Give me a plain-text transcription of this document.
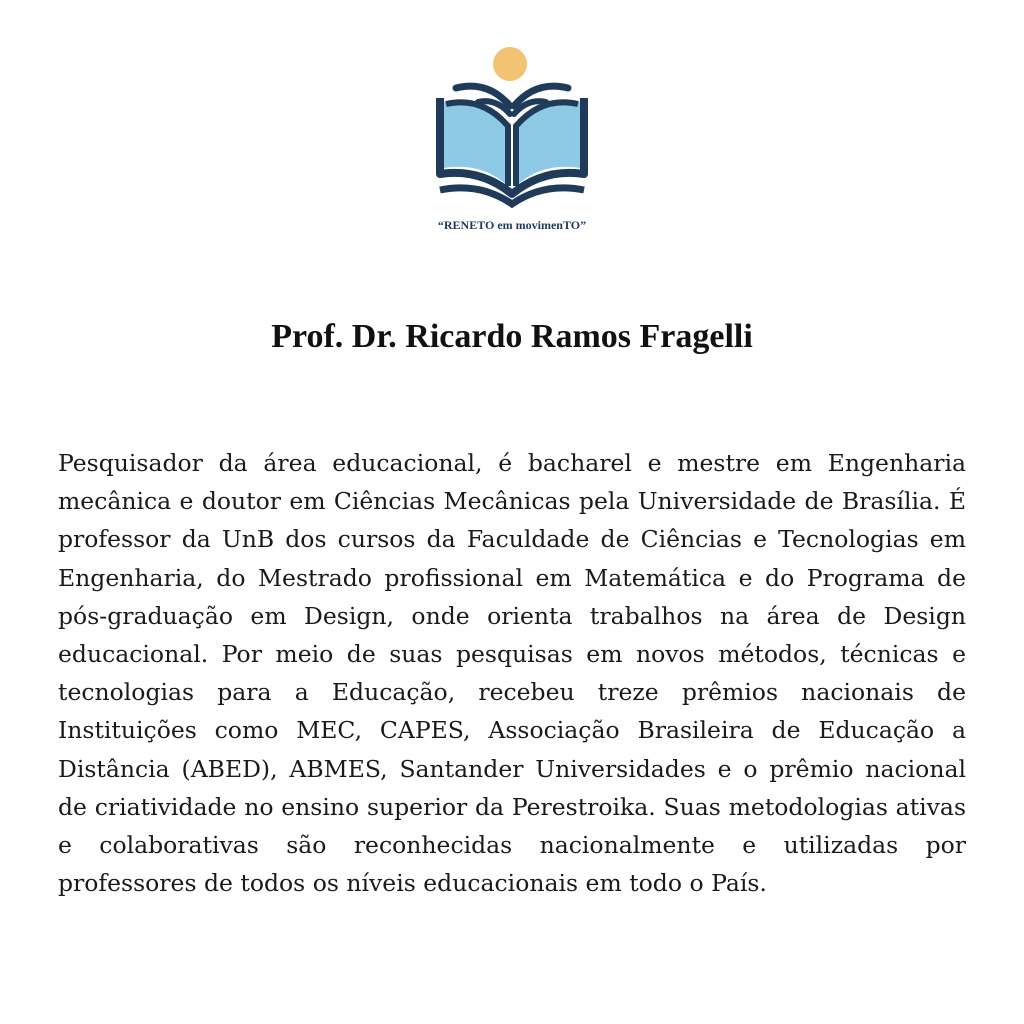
“RENETO em movimenTO”
Prof. Dr. Ricardo Ramos Fragelli

Pesquisador da área educacional, é bacharel e mestre em Engenharia mecânica e doutor em Ciências Mecânicas pela Universidade de Brasília. É professor da UnB dos cursos da Faculdade de Ciências e Tecnologias em Engenharia, do Mestrado profissional em Matemática e do Programa de pós-graduação em Design, onde orienta trabalhos na área de Design educacional. Por meio de suas pesquisas em novos métodos, técnicas e tecnologias para a Educação, recebeu treze prêmios nacionais de Instituições como MEC, CAPES, Associação Brasileira de Educação a Distância (ABED), ABMES, Santander Universidades e o prêmio nacional de criatividade no ensino superior da Perestroika. Suas metodologias ativas e colaborativas são reconhecidas nacionalmente e utilizadas por professores de todos os níveis educacionais em todo o País.
